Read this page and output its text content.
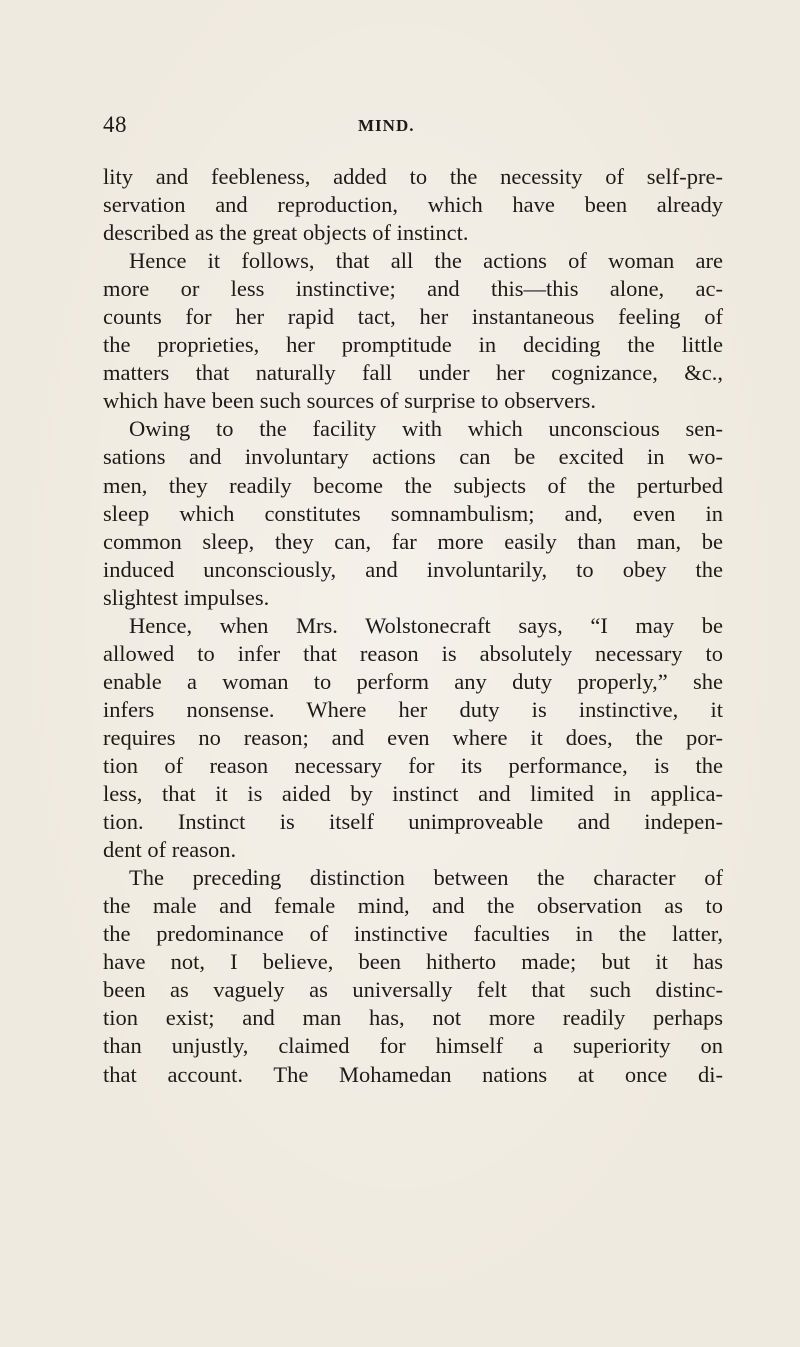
48	MIND.
lity and feebleness, added to the necessity of self-pre-
servation and reproduction, which have been already
described as the great objects of instinct.
Hence it follows, that all the actions of woman are
more or less instinctive; and this—this alone, ac-
counts for her rapid tact, her instantaneous feeling of
the proprieties, her promptitude in deciding the little
matters that naturally fall under her cognizance, &c.,
which have been such sources of surprise to observers.
Owing to the facility with which unconscious sen-
sations and involuntary actions can be excited in wo-
men, they readily become the subjects of the perturbed
sleep which constitutes somnambulism; and, even in
common sleep, they can, far more easily than man, be
induced unconsciously, and involuntarily, to obey the
slightest impulses.
Hence, when Mrs. Wolstonecraft says, “I may be
allowed to infer that reason is absolutely necessary to
enable a woman to perform any duty properly,” she
infers nonsense. Where her duty is instinctive, it
requires no reason; and even where it does, the por-
tion of reason necessary for its performance, is the
less, that it is aided by instinct and limited in applica-
tion. Instinct is itself unimproveable and indepen-
dent of reason.
The preceding distinction between the character of
the male and female mind, and the observation as to
the predominance of instinctive faculties in the latter,
have not, I believe, been hitherto made; but it has
been as vaguely as universally felt that such distinc-
tion exist; and man has, not more readily perhaps
than unjustly, claimed for himself a superiority on
that account. The Mohamedan nations at once di-
